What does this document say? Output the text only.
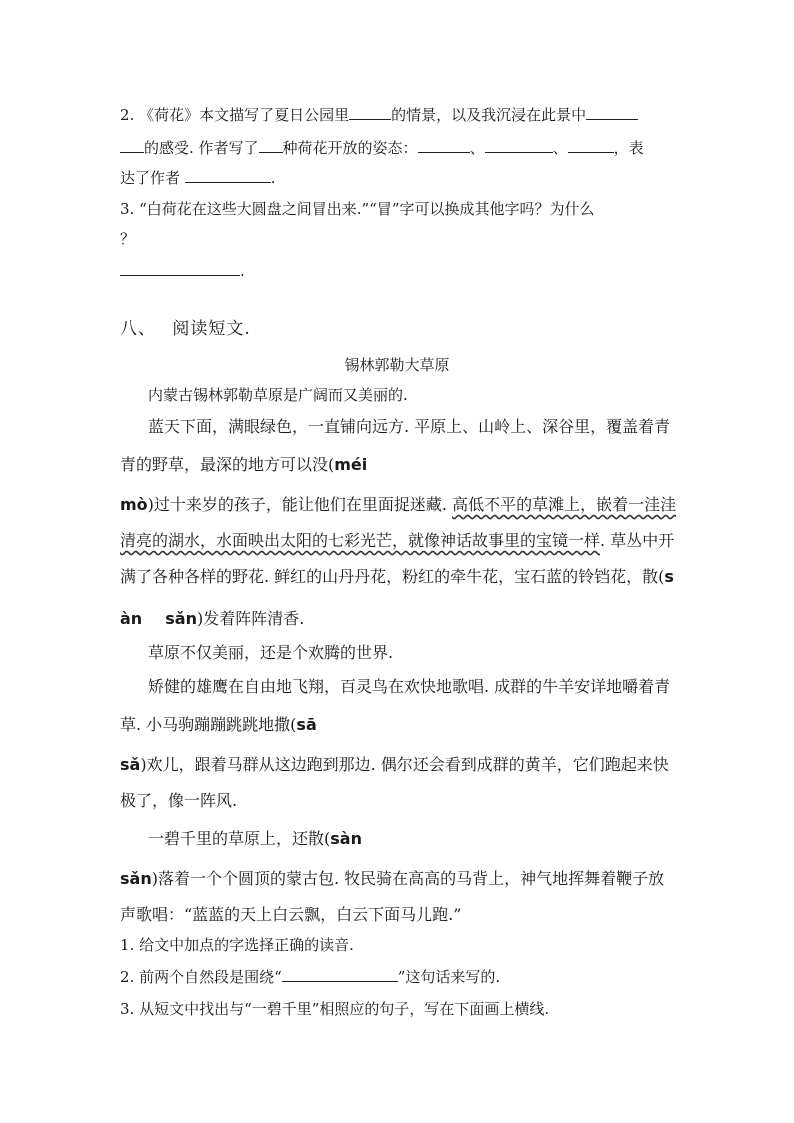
2. 《荷花》本文描写了夏日公园里	的情景，以及我沉浸在此景中
的感受. 作者写了 种荷花开放的姿态：	、	、	，表
达了作者	.
3. “白荷花在这些大圆盘之间冒出来.”“冒”字可以换成其他字吗？为什么
？
.
八、 阅读短文.
锡林郭勒大草原
内蒙古锡林郭勒草原是广阔而又美丽的.
蓝天下面，满眼绿色，一直铺向远方. 平原上、山岭上、深谷里，覆盖着青
青的野草，最深的地方可以没(méi
mò)过十来岁的孩子，能让他们在里面捉迷藏. 高低不平的草滩上，嵌着一洼洼
清亮的湖水，水面映出太阳的七彩光芒，就像神话故事里的宝镜一样. 草丛中开
满了各种各样的野花. 鲜红的山丹丹花，粉红的牵牛花，宝石蓝的铃铛花，散(s
àn sǎn)发着阵阵清香.
草原不仅美丽，还是个欢腾的世界.
矫健的雄鹰在自由地飞翔，百灵鸟在欢快地歌唱. 成群的牛羊安详地嚼着青
草. 小马驹蹦蹦跳跳地撒(sā
sǎ)欢儿，跟着马群从这边跑到那边. 偶尔还会看到成群的黄羊，它们跑起来快
极了，像一阵风.
一碧千里的草原上，还散(sàn
sǎn)落着一个个圆顶的蒙古包. 牧民骑在高高的马背上，神气地挥舞着鞭子放
声歌唱：“蓝蓝的天上白云飘，白云下面马儿跑.”
1. 给文中加点的字选择正确的读音.
2. 前两个自然段是围绕“	”这句话来写的.
3. 从短文中找出与“一碧千里”相照应的句子，写在下面画上横线.
